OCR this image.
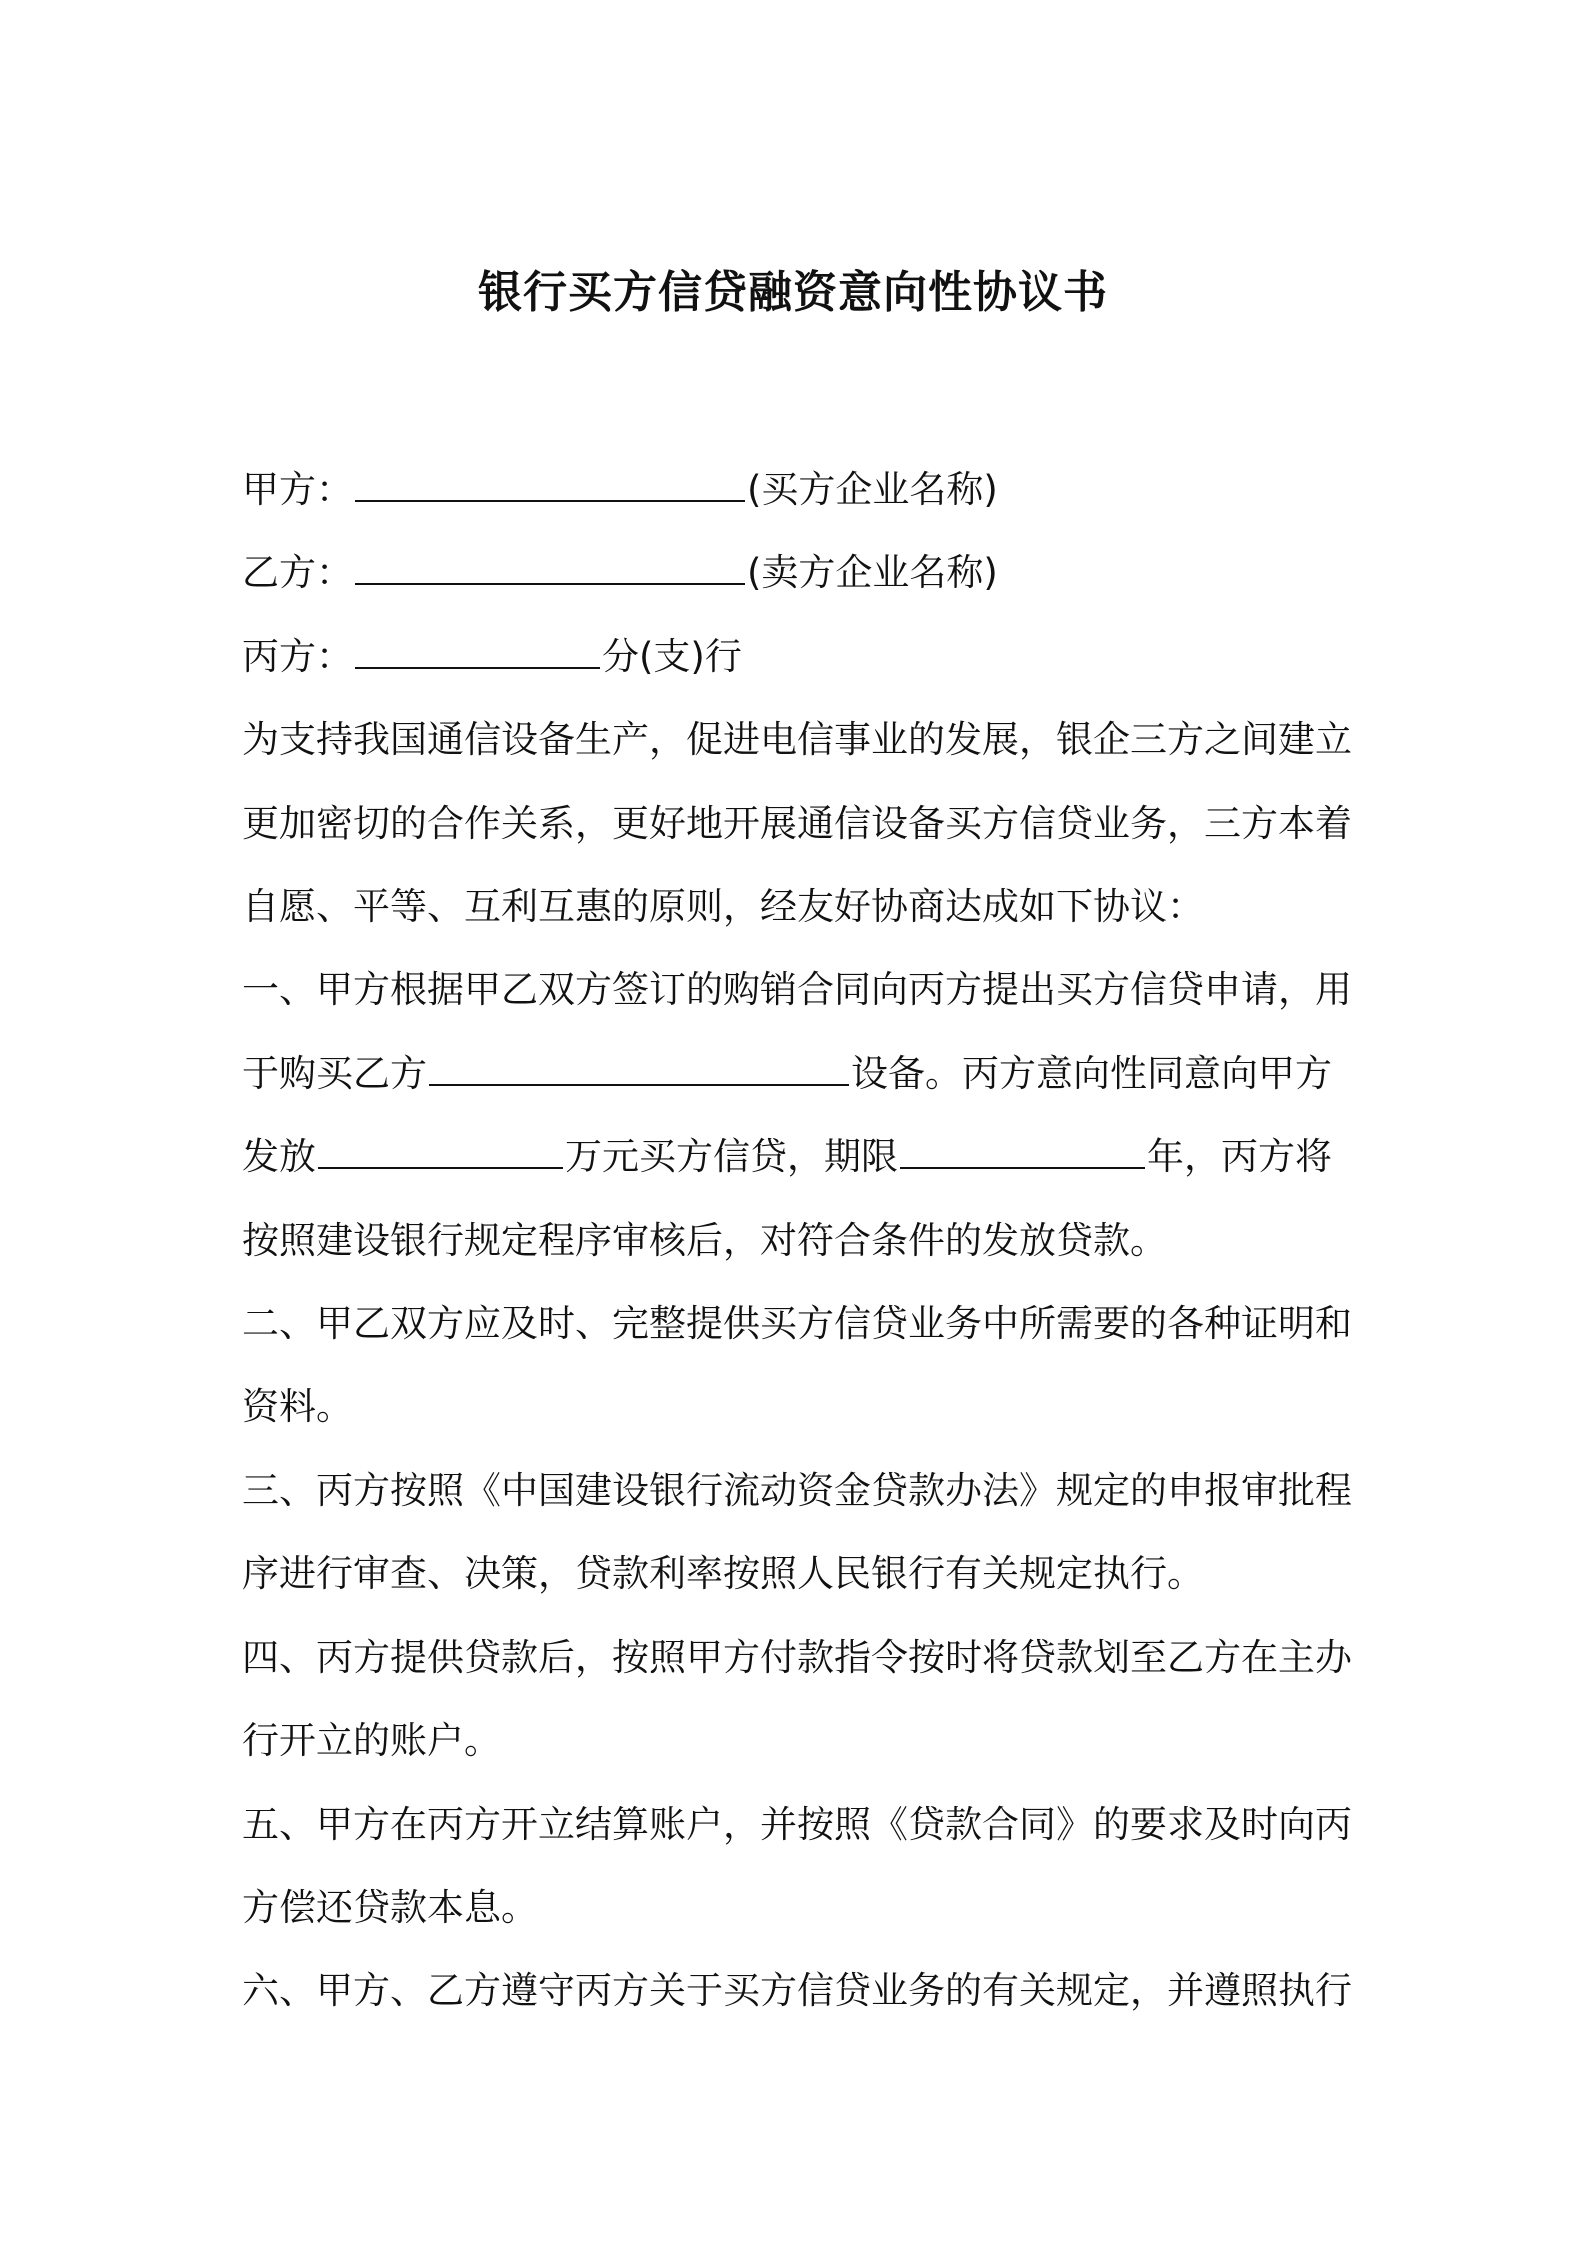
银行买方信贷融资意向性协议书

甲方：	(买方企业名称)

乙方：	(卖方企业名称)

丙方：	分(支)行

为支持我国通信设备生产，促进电信事业的发展，银企三方之间建立

更加密切的合作关系，更好地开展通信设备买方信贷业务，三方本着

自愿、平等、互利互惠的原则，经友好协商达成如下协议：

一、甲方根据甲乙双方签订的购销合同向丙方提出买方信贷申请，用

于购买乙方	设备。丙方意向性同意向甲方

发放	万元买方信贷，期限	年，丙方将

按照建设银行规定程序审核后，对符合条件的发放贷款。

二、甲乙双方应及时、完整提供买方信贷业务中所需要的各种证明和

资料。

三、丙方按照《中国建设银行流动资金贷款办法》规定的申报审批程

序进行审查、决策，贷款利率按照人民银行有关规定执行。

四、丙方提供贷款后，按照甲方付款指令按时将贷款划至乙方在主办

行开立的账户。

五、甲方在丙方开立结算账户，并按照《贷款合同》的要求及时向丙

方偿还贷款本息。

六、甲方、乙方遵守丙方关于买方信贷业务的有关规定，并遵照执行
